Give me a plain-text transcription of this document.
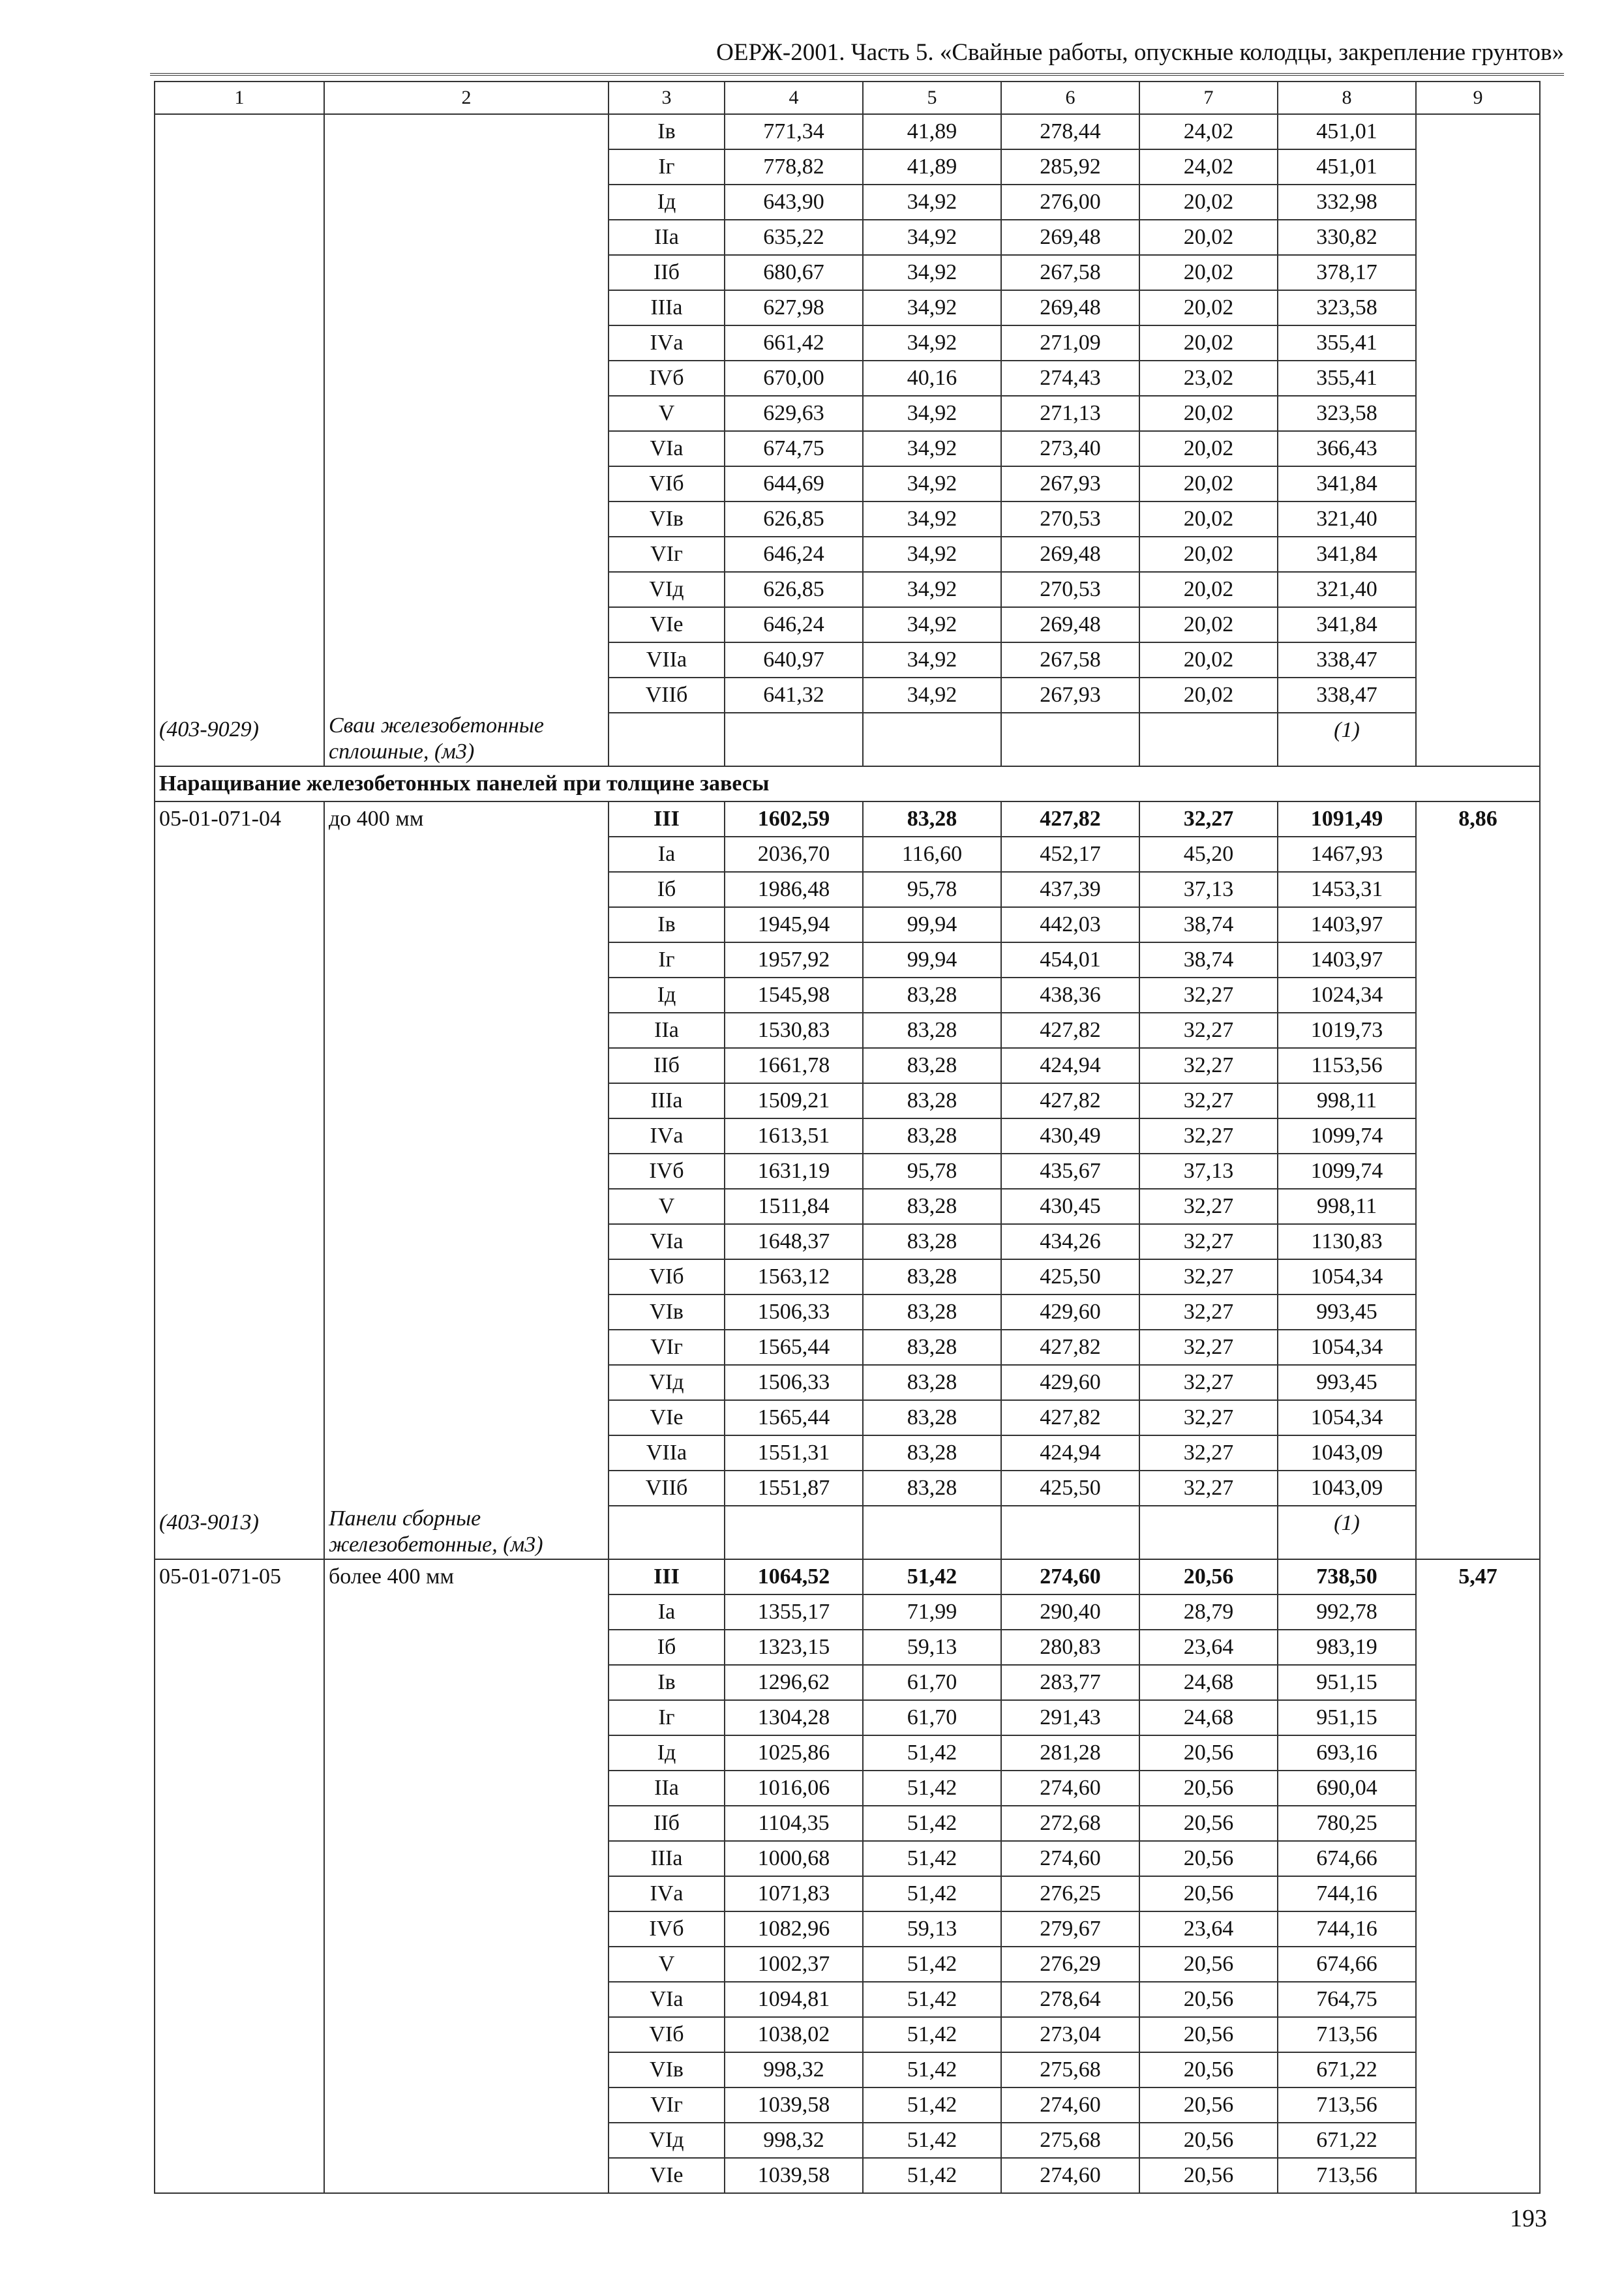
ОЕРЖ-2001. Часть 5. «Свайные работы, опускные колодцы, закрепление грунтов»
1	2	3	4	5	6	7	8	9
		Iв	771,34	41,89	278,44	24,02	451,01	
		Iг	778,82	41,89	285,92	24,02	451,01	
		Iд	643,90	34,92	276,00	20,02	332,98	
		IIа	635,22	34,92	269,48	20,02	330,82	
		IIб	680,67	34,92	267,58	20,02	378,17	
		IIIа	627,98	34,92	269,48	20,02	323,58	
		IVа	661,42	34,92	271,09	20,02	355,41	
		IVб	670,00	40,16	274,43	23,02	355,41	
		V	629,63	34,92	271,13	20,02	323,58	
		VIа	674,75	34,92	273,40	20,02	366,43	
		VIб	644,69	34,92	267,93	20,02	341,84	
		VIв	626,85	34,92	270,53	20,02	321,40	
		VIг	646,24	34,92	269,48	20,02	341,84	
		VIд	626,85	34,92	270,53	20,02	321,40	
		VIе	646,24	34,92	269,48	20,02	341,84	
		VIIа	640,97	34,92	267,58	20,02	338,47	
		VIIб	641,32	34,92	267,93	20,02	338,47	
(403-9029)	Сваи железобетонные сплошные, (м3)						(1)	
Наращивание железобетонных панелей при толщине завесы								
05-01-071-04	до 400 мм	III	1602,59	83,28	427,82	32,27	1091,49	8,86
		Iа	2036,70	116,60	452,17	45,20	1467,93	
		Iб	1986,48	95,78	437,39	37,13	1453,31	
		Iв	1945,94	99,94	442,03	38,74	1403,97	
		Iг	1957,92	99,94	454,01	38,74	1403,97	
		Iд	1545,98	83,28	438,36	32,27	1024,34	
		IIа	1530,83	83,28	427,82	32,27	1019,73	
		IIб	1661,78	83,28	424,94	32,27	1153,56	
		IIIа	1509,21	83,28	427,82	32,27	998,11	
		IVа	1613,51	83,28	430,49	32,27	1099,74	
		IVб	1631,19	95,78	435,67	37,13	1099,74	
		V	1511,84	83,28	430,45	32,27	998,11	
		VIа	1648,37	83,28	434,26	32,27	1130,83	
		VIб	1563,12	83,28	425,50	32,27	1054,34	
		VIв	1506,33	83,28	429,60	32,27	993,45	
		VIг	1565,44	83,28	427,82	32,27	1054,34	
		VIд	1506,33	83,28	429,60	32,27	993,45	
		VIе	1565,44	83,28	427,82	32,27	1054,34	
		VIIа	1551,31	83,28	424,94	32,27	1043,09	
		VIIб	1551,87	83,28	425,50	32,27	1043,09	
(403-9013)	Панели сборные железобетонные, (м3)						(1)	
05-01-071-05	более 400 мм	III	1064,52	51,42	274,60	20,56	738,50	5,47
		Iа	1355,17	71,99	290,40	28,79	992,78	
		Iб	1323,15	59,13	280,83	23,64	983,19	
		Iв	1296,62	61,70	283,77	24,68	951,15	
		Iг	1304,28	61,70	291,43	24,68	951,15	
		Iд	1025,86	51,42	281,28	20,56	693,16	
		IIа	1016,06	51,42	274,60	20,56	690,04	
		IIб	1104,35	51,42	272,68	20,56	780,25	
		IIIа	1000,68	51,42	274,60	20,56	674,66	
		IVа	1071,83	51,42	276,25	20,56	744,16	
		IVб	1082,96	59,13	279,67	23,64	744,16	
		V	1002,37	51,42	276,29	20,56	674,66	
		VIа	1094,81	51,42	278,64	20,56	764,75	
		VIб	1038,02	51,42	273,04	20,56	713,56	
		VIв	998,32	51,42	275,68	20,56	671,22	
		VIг	1039,58	51,42	274,60	20,56	713,56	
		VIд	998,32	51,42	275,68	20,56	671,22	
		VIе	1039,58	51,42	274,60	20,56	713,56	
193
